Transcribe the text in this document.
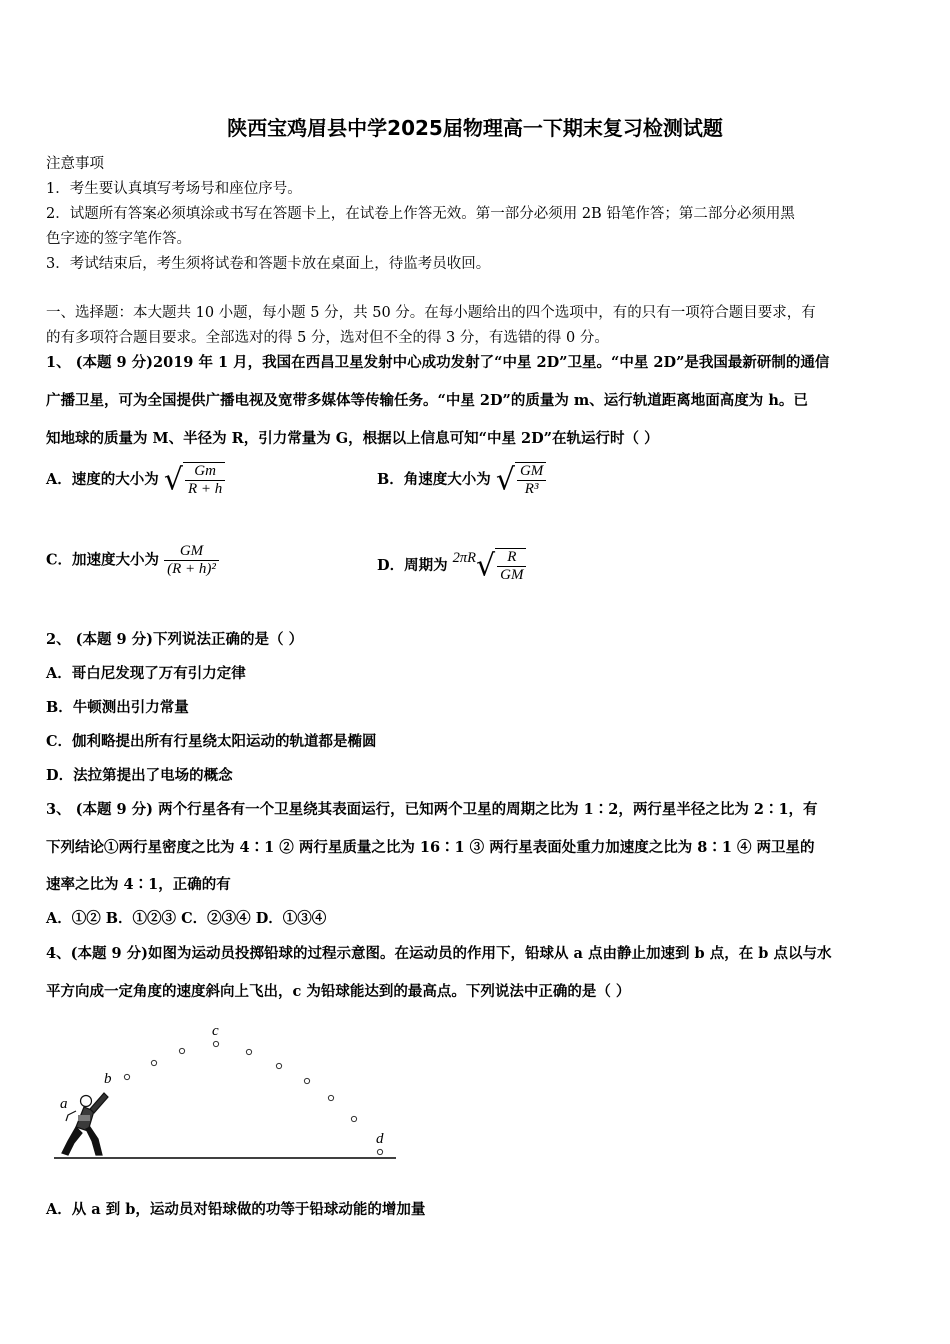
陕西宝鸡眉县中学2025届物理高一下期末复习检测试题
注意事项
1．考生要认真填写考场号和座位序号。
2．试题所有答案必须填涂或书写在答题卡上，在试卷上作答无效。第一部分必须用 2B 铅笔作答；第二部分必须用黑
色字迹的签字笔作答。
3．考试结束后，考生须将试卷和答题卡放在桌面上，待监考员收回。
一、选择题：本大题共 10 小题，每小题 5 分，共 50 分。在每小题给出的四个选项中，有的只有一项符合题目要求，有
的有多项符合题目要求。全部选对的得 5 分，选对但不全的得 3 分，有选错的得 0 分。
1、 (本题 9 分)2019 年 1 月，我国在西昌卫星发射中心成功发射了“中星 2D”卫星。“中星 2D”是我国最新研制的通信
广播卫星，可为全国提供广播电视及宽带多媒体等传输任务。“中星 2D”的质量为 m、运行轨道距离地面高度为 h。已
知地球的质量为 M、半径为 R，引力常量为 G，根据以上信息可知“中星 2D”在轨运行时（ ）
A．速度的大小为 √ $\frac{Gm}{R + h}$	B．角速度大小为 √ $\frac{GM}{\text{R³}}$
C．加速度大小为 $\frac{GM}{\text{(R + h)²}}$	D．周期为 $2\pi R√ \frac{R}{GM}$
2、 (本题 9 分)下列说法正确的是（ ）
A．哥白尼发现了万有引力定律
B．牛顿测出引力常量
C．伽利略提出所有行星绕太阳运动的轨道都是椭圆
D．法拉第提出了电场的概念
3、 (本题 9 分) 两个行星各有一个卫星绕其表面运行，已知两个卫星的周期之比为 1∶2，两行星半径之比为 2∶1，有
下列结论①两行星密度之比为 4∶1 ② 两行星质量之比为 16∶1 ③ 两行星表面处重力加速度之比为 8∶1 ④ 两卫星的
速率之比为 4∶1，正确的有
A．①② B．①②③ C．②③④ D．①③④
4、(本题 9 分)如图为运动员投掷铅球的过程示意图。在运动员的作用下，铅球从 a 点由静止加速到 b 点，在 b 点以与水
平方向成一定角度的速度斜向上飞出，c 为铅球能达到的最高点。下列说法中正确的是（ ）
a
b
c
d
A．从 a 到 b，运动员对铅球做的功等于铅球动能的增加量
